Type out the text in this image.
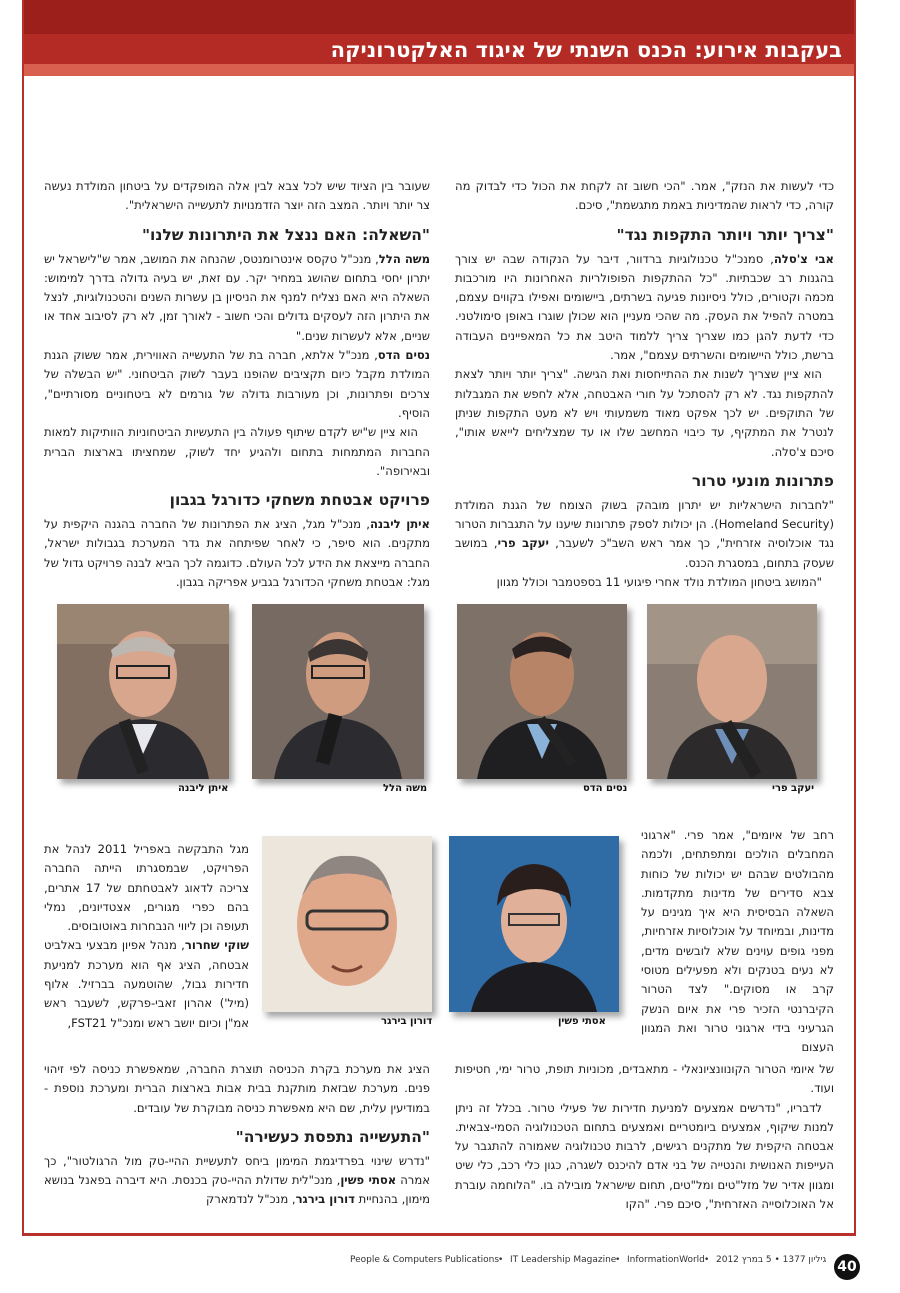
בעקבות אירוע: הכנס השנתי של איגוד האלקטרוניקה

כדי לעשות את הנזק", אמר. "הכי חשוב זה לקחת את הכול כדי לבדוק מה קורה, כדי לראות שהמדיניות באמת מתגשמת", סיכם.

"צריך יותר ויותר התקפות נגד"

אבי צ'סלה, סמנכ"ל טכנולוגיות ברדוור, דיבר על הנקודה שבה יש צורך בהגנות רב שכבתיות. "כל ההתקפות הפופולריות האחרונות היו מורכבות מכמה וקטורים, כולל ניסיונות פגיעה בשרתים, ביישומים ואפילו בקווים עצמם, במטרה להפיל את העסק. מה שהכי מעניין הוא שכולן שוגרו באופן סימולטני. כדי לדעת להגן כמו שצריך צריך ללמוד היטב את כל המאפיינים העבודה ברשת, כולל היישומים והשרתים עצמם", אמר.

הוא ציין שצריך לשנות את ההתייחסות ואת הגישה. "צריך יותר ויותר לצאת להתקפות נגד. לא רק להסתכל על חורי האבטחה, אלא לחפש את המגבלות של התוקפים. יש לכך אפקט מאוד משמעותי ויש לא מעט התקפות שניתן לנטרל את המתקיף, עד כיבוי המחשב שלו או עד שמצליחים לייאש אותו", סיכם צ'סלה.

פתרונות מונעי טרור

"לחברות הישראליות יש יתרון מובהק בשוק הצומח של הגנת המולדת (Homeland Security). הן יכולות לספק פתרונות שיענו על התגברות הטרור נגד אוכלוסיה אזרחית", כך אמר ראש השב"כ לשעבר, יעקב פרי, במושב שעסק בתחום, במסגרת הכנס.

"המושג ביטחון המולדת נולד אחרי פיגועי 11 בספטמבר וכולל מגוון

שעובר בין הציוד שיש לכל צבא לבין אלה המופקדים על ביטחון המולדת נעשה צר יותר ויותר. המצב הזה יוצר הזדמנויות לתעשייה הישראלית".

"השאלה: האם ננצל את היתרונות שלנו"

משה הלל, מנכ"ל טקסס אינטרומנטס, שהנחה את המושב, אמר ש"לישראל יש יתרון יחסי בתחום שהושג במחיר יקר. עם זאת, יש בעיה גדולה בדרך למימוש: השאלה היא האם נצליח למנף את הניסיון בן עשרות השנים והטכנולוגיות, לנצל את היתרון הזה לעסקים גדולים והכי חשוב - לאורך זמן, לא רק לסיבוב אחד או שניים, אלא לעשרות שנים."

נסים הדס, מנכ"ל אלתא, חברה בת של התעשייה האווירית, אמר ששוק הגנת המולדת מקבל כיום תקציבים שהופנו בעבר לשוק הביטחוני. "יש הבשלה של צרכים ופתרונות, וכן מעורבות גדולה של גורמים לא ביטחוניים מסורתיים", הוסיף.

הוא ציין ש"יש לקדם שיתוף פעולה בין התעשיות הביטחוניות הוותיקות למאות החברות המתמחות בתחום ולהגיע יחד לשוק, שמחציתו בארצות הברית ובאירופה".

פרויקט אבטחת משחקי כדורגל בגבון

איתן ליבנה, מנכ"ל מגל, הציג את הפתרונות של החברה בהגנה היקפית על מתקנים. הוא סיפר, כי לאחר שפיתחה את גדר המערכת בגבולות ישראל, החברה מייצאת את הידע לכל העולם. כדוגמה לכך הביא לבנה פרויקט גדול של מגל: אבטחת משחקי הכדורגל בגביע אפריקה בגבון.

יעקב פרי
נסים הדס
משה הלל
איתן ליבנה

רחב של איומים", אמר פרי. "ארגוני המחבלים הולכים ומתפתחים, ולכמה מהבולטים שבהם יש יכולות של כוחות צבא סדירים של מדינות מתקדמות. השאלה הבסיסית היא איך מגינים על מדינות, ובמיוחד על אוכלוסיות אזרחיות, מפני גופים עוינים שלא לובשים מדים, לא נעים בטנקים ולא מפעילים מטוסי קרב או מסוקים." לצד הטרור הקיברנטי הזכיר פרי את איום הנשק הגרעיני בידי ארגוני טרור ואת המגוון העצום

אסתי פשין
דורון בירגר

מגל התבקשה באפריל 2011 לנהל את הפרויקט, שבמסגרתו הייתה החברה צריכה לדאוג לאבטחתם של 17 אתרים, בהם כפרי מגורים, אצטדיונים, נמלי תעופה וכן ליווי הנבחרות באוטובוסים.

שוקי שחרור, מנהל אפיון מבצעי באלביט אבטחה, הציג אף הוא מערכת למניעת חדירות גבול, שהוטמעה בברזיל. אלוף (מיל') אהרון זאבי-פרקש, לשעבר ראש אמ"ן וכיום יושב ראש ומנכ"ל FST21,

של איומי הטרור הקונוונציונאלי - מתאבדים, מכוניות תופת, טרור ימי, חטיפות ועוד.

לדבריו, "נדרשים אמצעים למניעת חדירות של פעילי טרור. בכלל זה ניתן למנות שיקוף, אמצעים ביומטריים ואמצעים בתחום הטכנולוגיה הסמי-צבאית. אבטחה היקפית של מתקנים רגישים, לרבות טכנולוגיה שאמורה להתגבר על העייפות האנושית והנטייה של בני אדם להיכנס לשגרה, כגון כלי רכב, כלי שיט ומגוון אדיר של מזל"טים ומל"טים, תחום שישראל מובילה בו. "הלוחמה עוברת אל האוכלוסייה האזרחית", סיכם פרי. "הקו

הציג את מערכת בקרת הכניסה תוצרת החברה, שמאפשרת כניסה לפי זיהוי פנים. מערכת שבזאת מותקנת בבית אבות בארצות הברית ומערכת נוספת - במודיעין עלית, שם היא מאפשרת כניסה מבוקרת של עובדים.

"התעשייה נתפסת כעשירה"

"נדרש שינוי בפרדיגמת המימון ביחס לתעשיית ההיי-טק מול הרגולטור", כך אמרה אסתי פשין, מנכ"לית שדולת ההיי-טק בכנסת. היא דיברה בפאנל בנושא מימון, בהנחיית דורון בירגר, מנכ"ל לנדמארק

People & Computers Publications
• IT Leadership Magazine
• InformationWorld • גיליון 1377 • 5 במרץ 2012 40
